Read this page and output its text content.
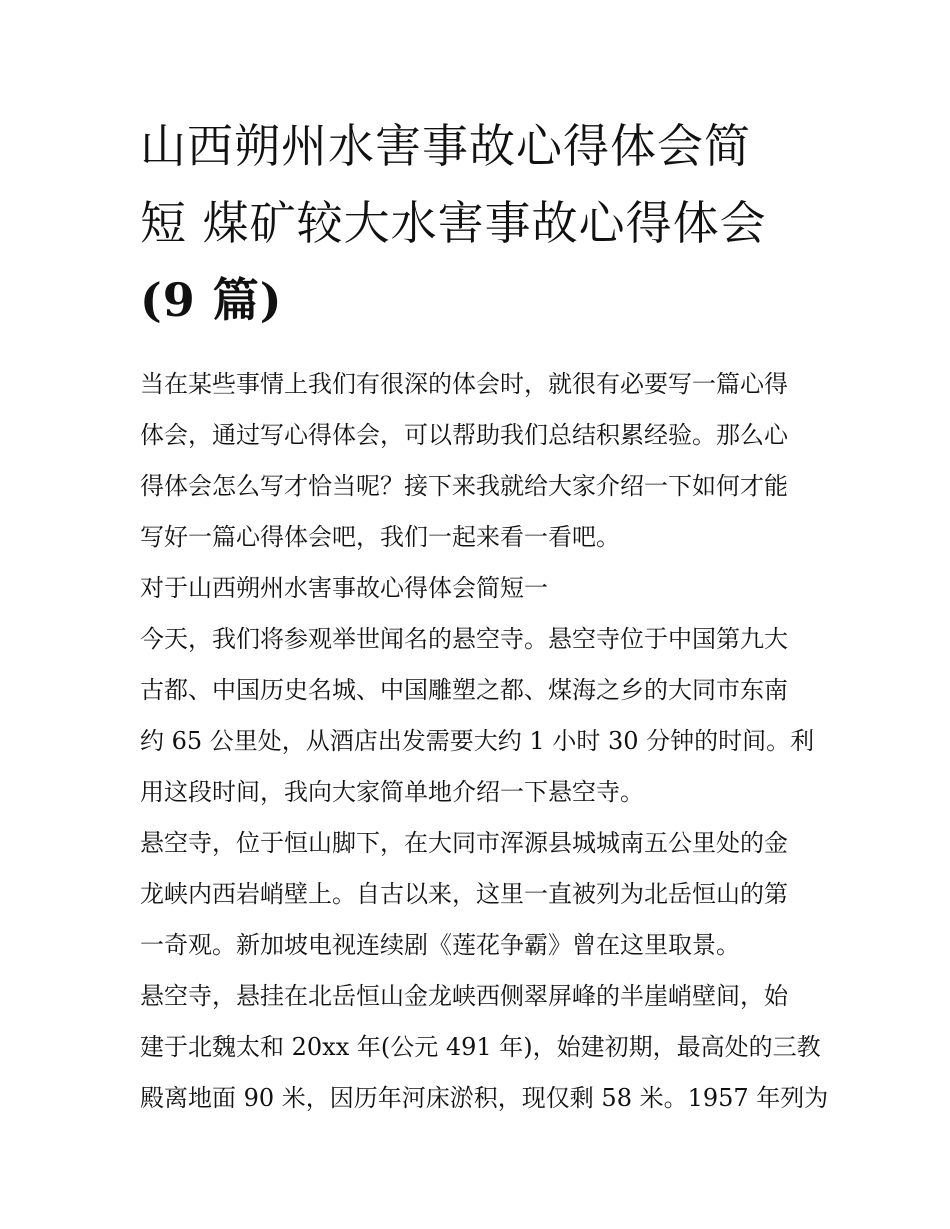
山西朔州水害事故心得体会简
短 煤矿较大水害事故心得体会
(9 篇)

当在某些事情上我们有很深的体会时，就很有必要写一篇心得
体会，通过写心得体会，可以帮助我们总结积累经验。那么心
得体会怎么写才恰当呢？接下来我就给大家介绍一下如何才能
写好一篇心得体会吧，我们一起来看一看吧。

对于山西朔州水害事故心得体会简短一

今天，我们将参观举世闻名的悬空寺。悬空寺位于中国第九大
古都、中国历史名城、中国雕塑之都、煤海之乡的大同市东南
约 65 公里处，从酒店出发需要大约 1 小时 30 分钟的时间。利
用这段时间，我向大家简单地介绍一下悬空寺。

悬空寺，位于恒山脚下，在大同市浑源县城城南五公里处的金
龙峡内西岩峭壁上。自古以来，这里一直被列为北岳恒山的第
一奇观。新加坡电视连续剧《莲花争霸》曾在这里取景。

悬空寺，悬挂在北岳恒山金龙峡西侧翠屏峰的半崖峭壁间，始
建于北魏太和 20xx 年(公元 491 年)，始建初期，最高处的三教
殿离地面 90 米，因历年河床淤积，现仅剩 58 米。1957 年列为
